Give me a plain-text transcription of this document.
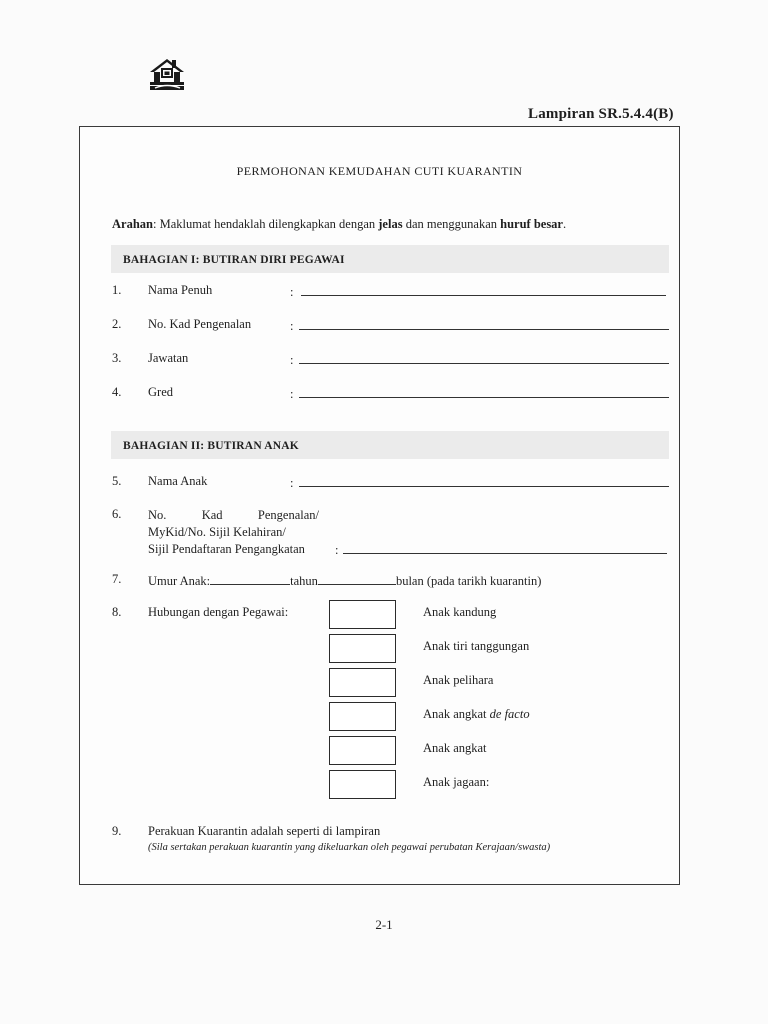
Lampiran SR.5.4.4(B)
PERMOHONAN KEMUDAHAN CUTI KUARANTIN
Arahan: Maklumat hendaklah dilengkapkan dengan jelas dan menggunakan huruf besar.
BAHAGIAN I: BUTIRAN DIRI PEGAWAI
1. Nama Penuh	:
2. No. Kad Pengenalan	:
3. Jawatan	:
4. Gred	:
BAHAGIAN II: BUTIRAN ANAK
5. Nama Anak	:
6. No.	Kad	Pengenalan/
MyKid/No. Sijil Kelahiran/
Sijil Pendaftaran Pengangkatan	:
7. Umur Anak:	tahun	bulan (pada tarikh kuarantin)
8. Hubungan dengan Pegawai:	Anak kandung
Anak tiri tanggungan
Anak pelihara
Anak angkat de facto
Anak angkat
Anak jagaan:
9. Perakuan Kuarantin adalah seperti di lampiran
(Sila sertakan perakuan kuarantin yang dikeluarkan oleh pegawai perubatan Kerajaan/swasta)
2-1
